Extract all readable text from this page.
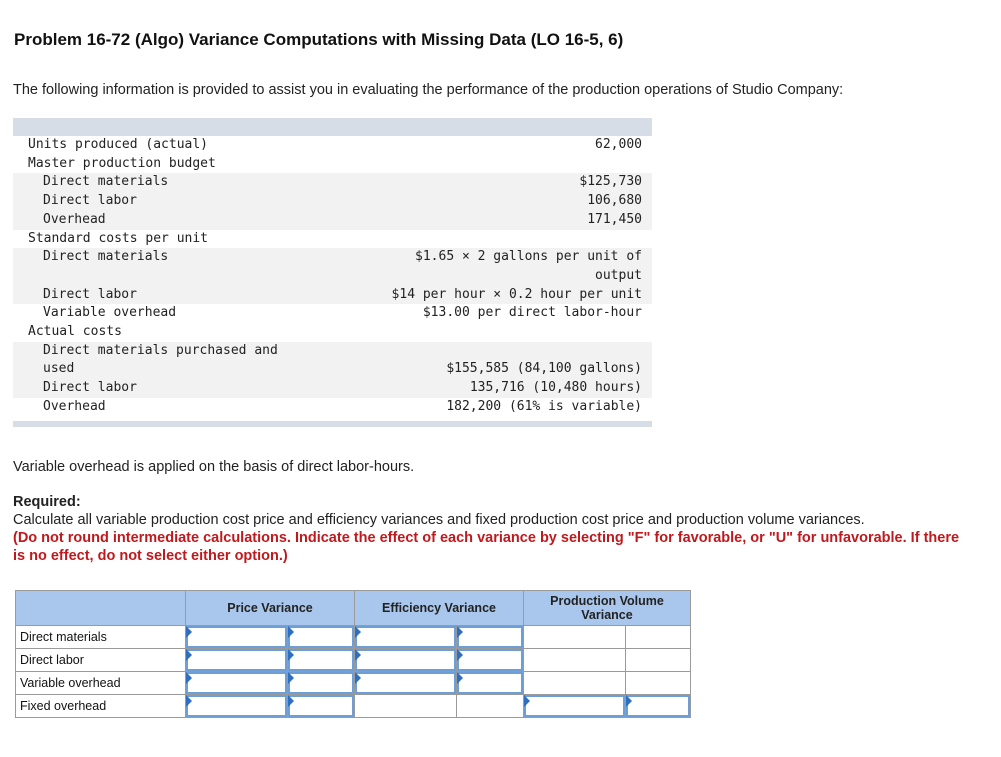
Problem 16-72 (Algo) Variance Computations with Missing Data (LO 16-5, 6)
The following information is provided to assist you in evaluating the performance of the production operations of Studio Company:
Units produced (actual)	62,000
Master production budget
Direct materials	$125,730
Direct labor	106,680
Overhead	171,450
Standard costs per unit
Direct materials	$1.65 × 2 gallons per unit of
output
Direct labor	$14 per hour × 0.2 hour per unit
Variable overhead	$13.00 per direct labor-hour
Actual costs
Direct materials purchased and
used	$155,585 (84,100 gallons)
Direct labor	135,716 (10,480 hours)
Overhead	182,200 (61% is variable)
Variable overhead is applied on the basis of direct labor-hours.
Required:
Calculate all variable production cost price and efficiency variances and fixed production cost price and production volume variances.
(Do not round intermediate calculations. Indicate the effect of each variance by selecting "F" for favorable, or "U" for unfavorable. If there is no effect, do not select either option.)
	Price Variance		Efficiency Variance		Production Volume Variance	
Direct materials	

Direct labor	

Variable overhead	

Fixed overhead	
